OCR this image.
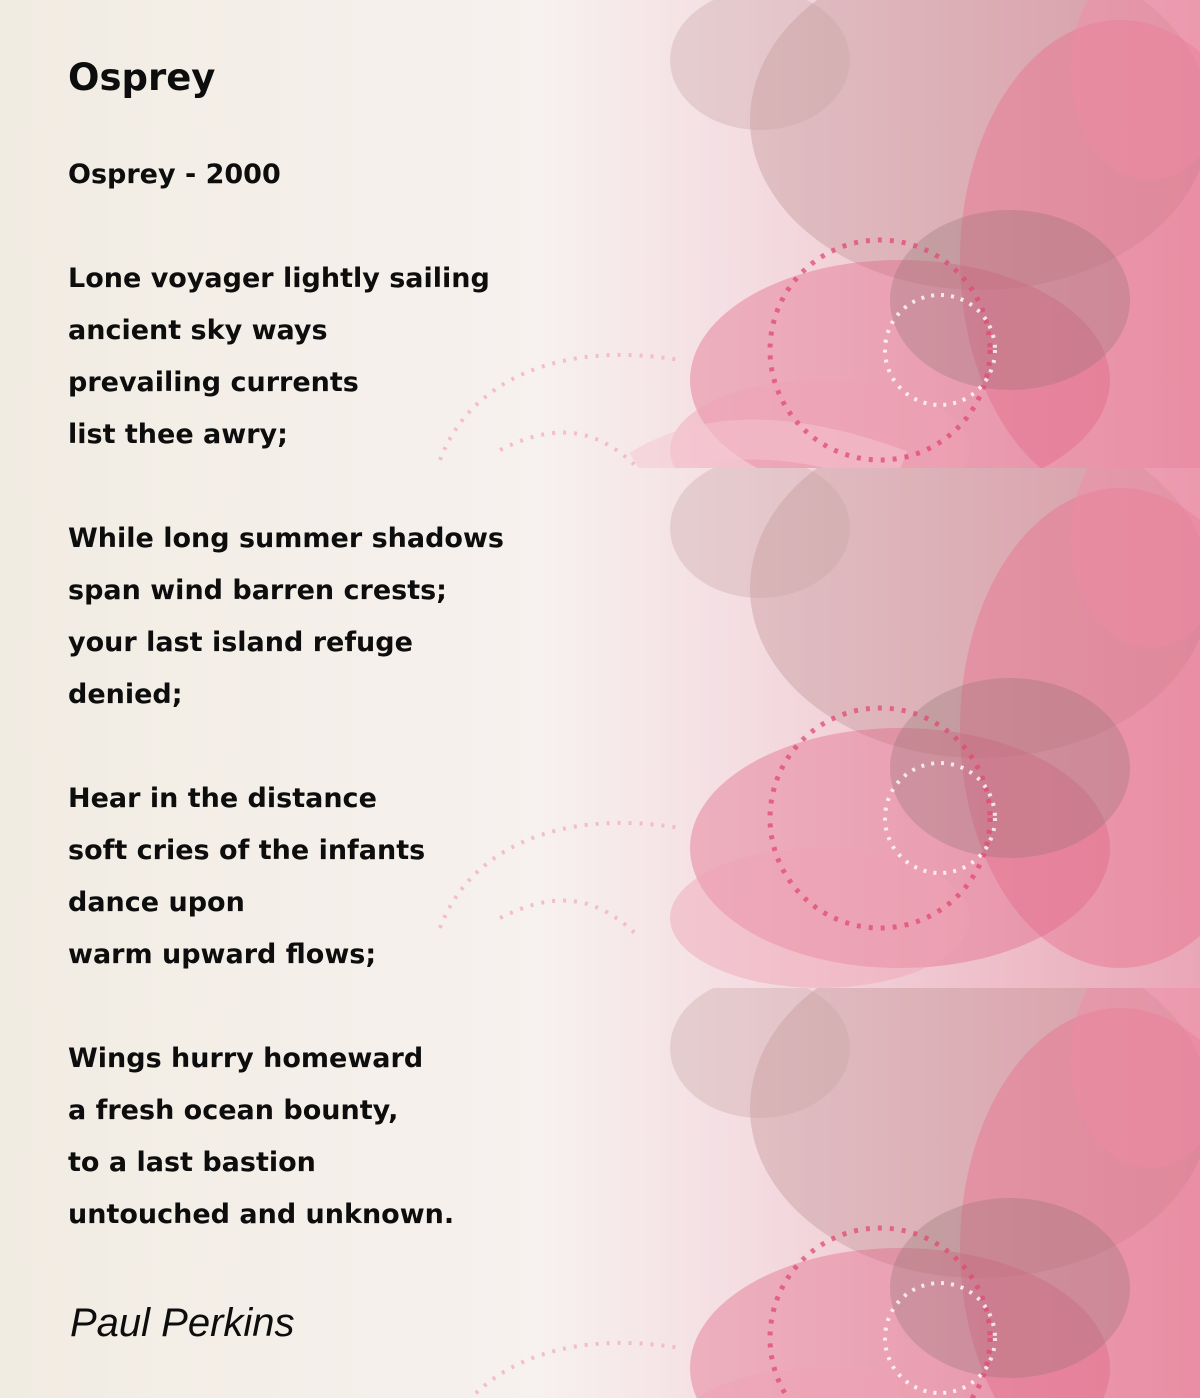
Osprey

Osprey - 2000

Lone voyager lightly sailing
ancient sky ways
prevailing currents
list thee awry;
While long summer shadows
span wind barren crests;
your last island refuge
denied;
Hear in the distance
soft cries of the infants
dance upon
warm upward flows;
Wings hurry homeward
a fresh ocean bounty,
to a last bastion
untouched and unknown.

Paul Perkins
